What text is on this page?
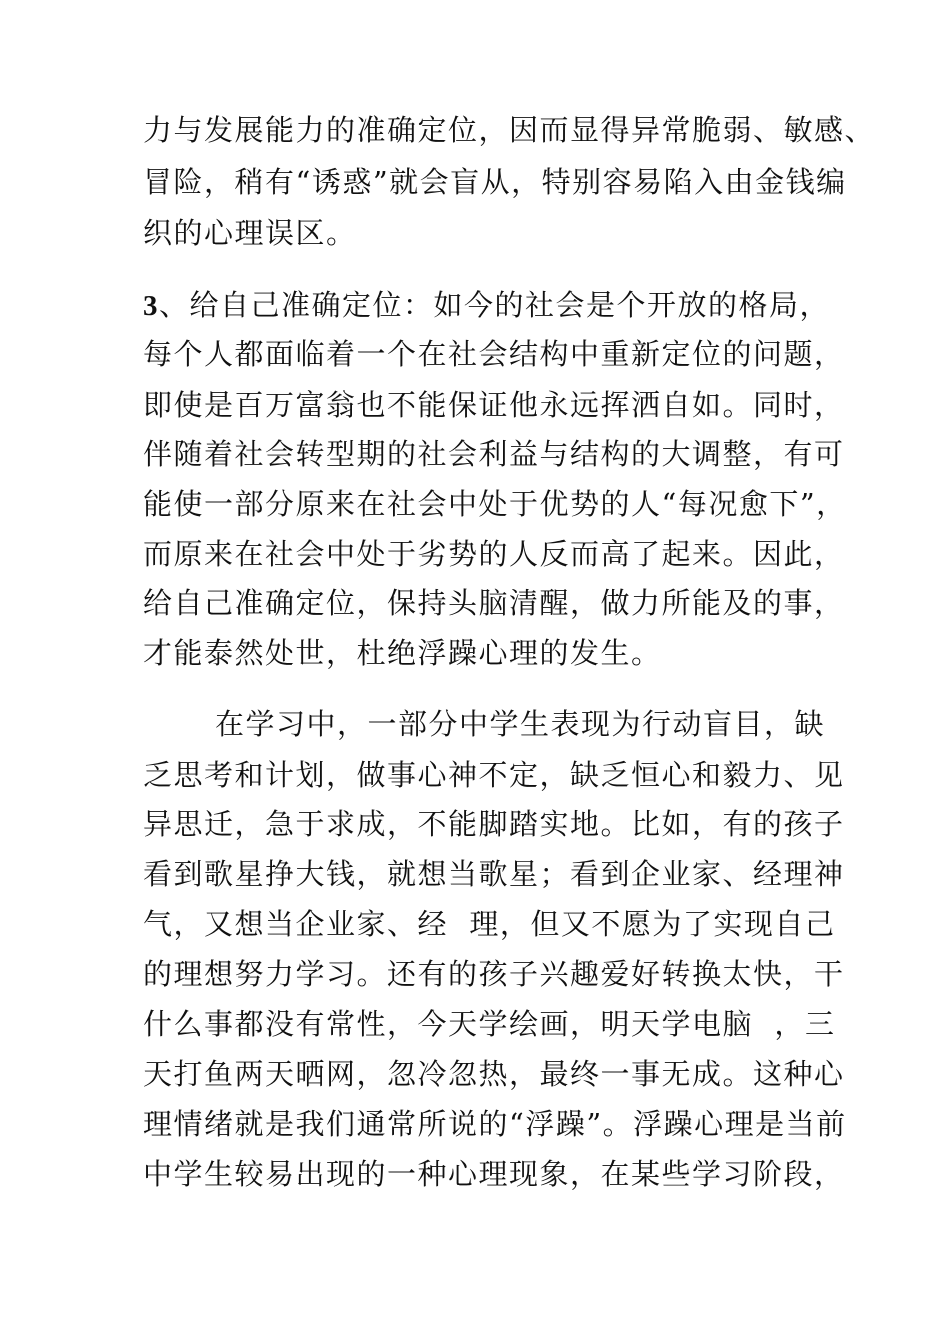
力与发展能力的准确定位，因而显得异常脆弱、敏感、
冒险，稍有“诱惑”就会盲从，特别容易陷入由金钱编
织的心理误区。
3、给自己准确定位：如今的社会是个开放的格局，
每个人都面临着一个在社会结构中重新定位的问题，
即使是百万富翁也不能保证他永远挥洒自如。同时，
伴随着社会转型期的社会利益与结构的大调整，有可
能使一部分原来在社会中处于优势的人“每况愈下”，
而原来在社会中处于劣势的人反而高了起来。因此，
给自己准确定位，保持头脑清醒，做力所能及的事，
才能泰然处世，杜绝浮躁心理的发生。
在学习中，一部分中学生表现为行动盲目，缺
乏思考和计划，做事心神不定，缺乏恒心和毅力、见
异思迁，急于求成，不能脚踏实地。比如，有的孩子
看到歌星挣大钱，就想当歌星；看到企业家、经理神
气，又想当企业家、经  理，但又不愿为了实现自己
的理想努力学习。还有的孩子兴趣爱好转换太快，干
什么事都没有常性，今天学绘画，明天学电脑  ，三
天打鱼两天晒网，忽冷忽热，最终一事无成。这种心
理情绪就是我们通常所说的“浮躁”。浮躁心理是当前
中学生较易出现的一种心理现象，在某些学习阶段，
